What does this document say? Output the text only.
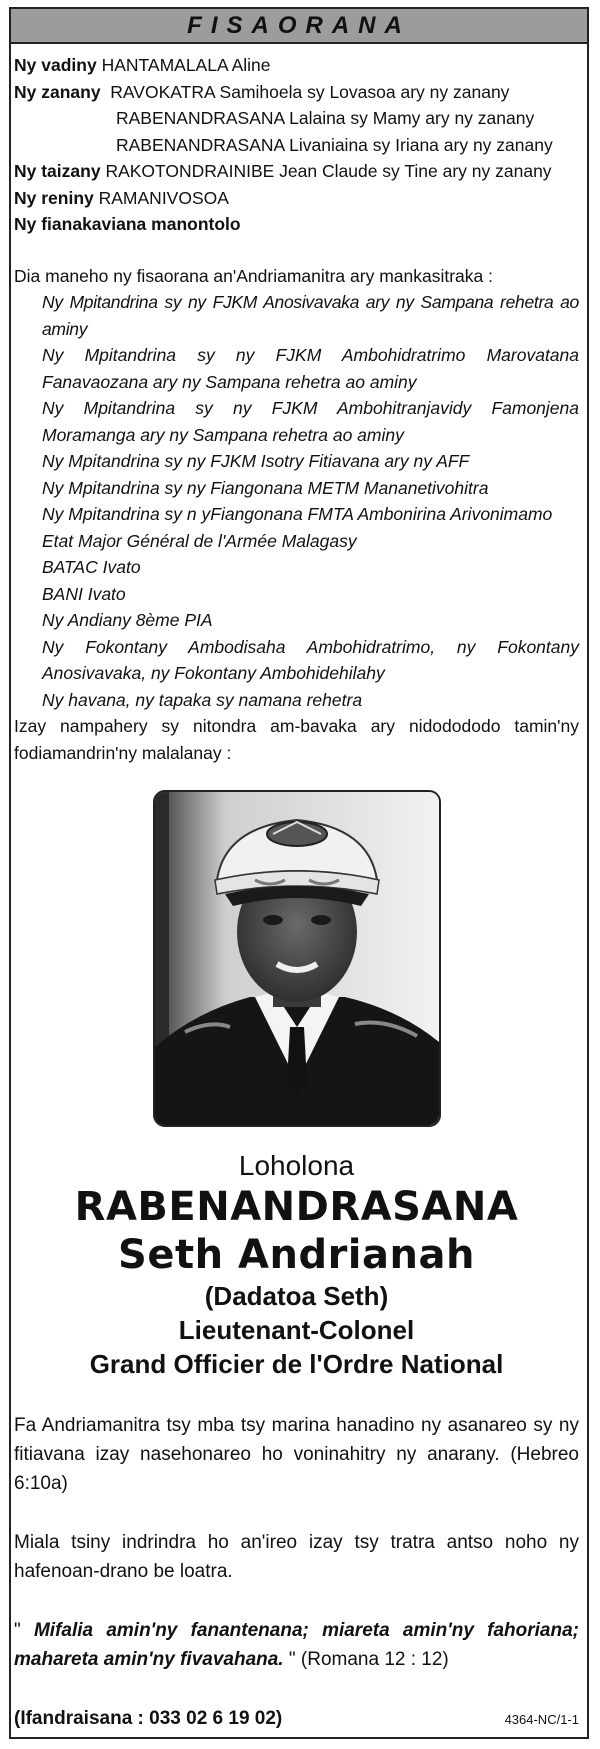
FISAORANA
Ny vadiny HANTAMALALA Aline
Ny zanany RAVOKATRA Samihoela sy Lovasoa ary ny zanany
RABENANDRASANA Lalaina sy Mamy ary ny zanany
RABENANDRASANA Livaniaina sy Iriana ary ny zanany
Ny taizany RAKOTONDRAINIBE Jean Claude sy Tine ary ny zanany
Ny reniny RAMANIVOSOA
Ny fianakaviana manontolo
Dia maneho ny fisaorana an'Andriamanitra ary mankasitraka :
Ny Mpitandrina sy ny FJKM Anosivavaka ary ny Sampana rehetra ao aminy
Ny Mpitandrina sy ny FJKM Ambohidratrimo Marovatana Fanavaozana ary ny Sampana rehetra ao aminy
Ny Mpitandrina sy ny FJKM Ambohitranjavidy Famonjena Moramanga ary ny Sampana rehetra ao aminy
Ny Mpitandrina sy ny FJKM Isotry Fitiavana ary ny AFF
Ny Mpitandrina sy ny Fiangonana METM Mananetivohitra
Ny Mpitandrina sy n yFiangonana FMTA Ambonirina Arivonimamo
Etat Major Général de l'Armée Malagasy
BATAC Ivato
BANI Ivato
Ny Andiany 8ème PIA
Ny Fokontany Ambodisaha Ambohidratrimo, ny Fokontany Anosivavaka, ny Fokontany Ambohidehilahy
Ny havana, ny tapaka sy namana rehetra
Izay nampahery sy nitondra am-bavaka ary nidodododo tamin'ny fodiamandrin'ny malalanay :
Loholona
RABENANDRASANA
Seth Andrianah
(Dadatoa Seth)
Lieutenant-Colonel
Grand Officier de l'Ordre National
Fa Andriamanitra tsy mba tsy marina hanadino ny asanareo sy ny fitiavana izay nasehonareo ho voninahitry ny anarany. (Hebreo 6:10a)
Miala tsiny indrindra ho an'ireo izay tsy tratra antso noho ny hafenoan-drano be loatra.
" Mifalia amin'ny fanantenana; miareta amin'ny fahoriana; mahareta amin'ny fivavahana. " (Romana 12 : 12)
(Ifandraisana : 033 02 6 19 02)	4364-NC/1-1
